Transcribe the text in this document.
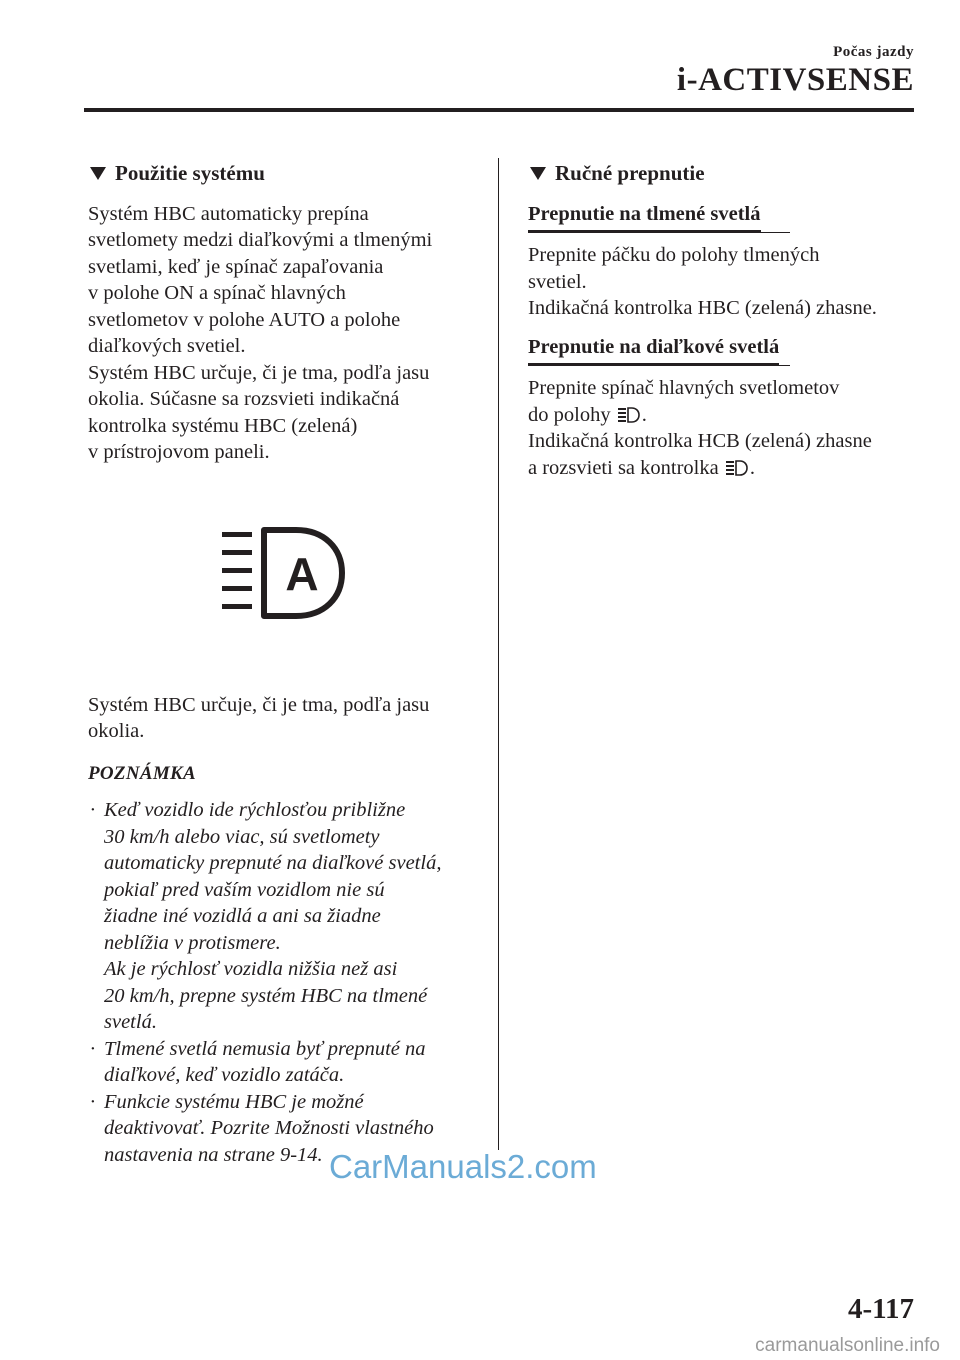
Počas jazdy
i-ACTIVSENSE
Použitie systému

Systém HBC automaticky prepína
svetlomety medzi diaľkovými a tlmenými
svetlami, keď je spínač zapaľovania
v polohe ON a spínač hlavných
svetlometov v polohe AUTO a polohe
diaľkových svetiel.
Systém HBC určuje, či je tma, podľa jasu
okolia. Súčasne sa rozsvieti indikačná
kontrolka systému HBC (zelená)
v prístrojovom paneli.

A

Systém HBC určuje, či je tma, podľa jasu
okolia.

POZNÁMKA
· Keď vozidlo ide rýchlosťou približne
30 km/h alebo viac, sú svetlomety
automaticky prepnuté na diaľkové svetlá,
pokiaľ pred vaším vozidlom nie sú
žiadne iné vozidlá a ani sa žiadne
neblížia v protismere.
Ak je rýchlosť vozidla nižšia než asi
20 km/h, prepne systém HBC na tlmené
svetlá.
· Tlmené svetlá nemusia byť prepnuté na
diaľkové, keď vozidlo zatáča.
· Funkcie systému HBC je možné
deaktivovať. Pozrite Možnosti vlastného
nastavenia na strane 9-14.
Ručné prepnutie
Prepnutie na tlmené svetlá

Prepnite páčku do polohy tlmených
svetiel.
Indikačná kontrolka HBC (zelená) zhasne.

Prepnutie na diaľkové svetlá

Prepnite spínač hlavných svetlometov
do polohy .
Indikačná kontrolka HCB (zelená) zhasne
a rozsvieti sa kontrolka .

CarManuals2.com
4-117
carmanualsonline.info
